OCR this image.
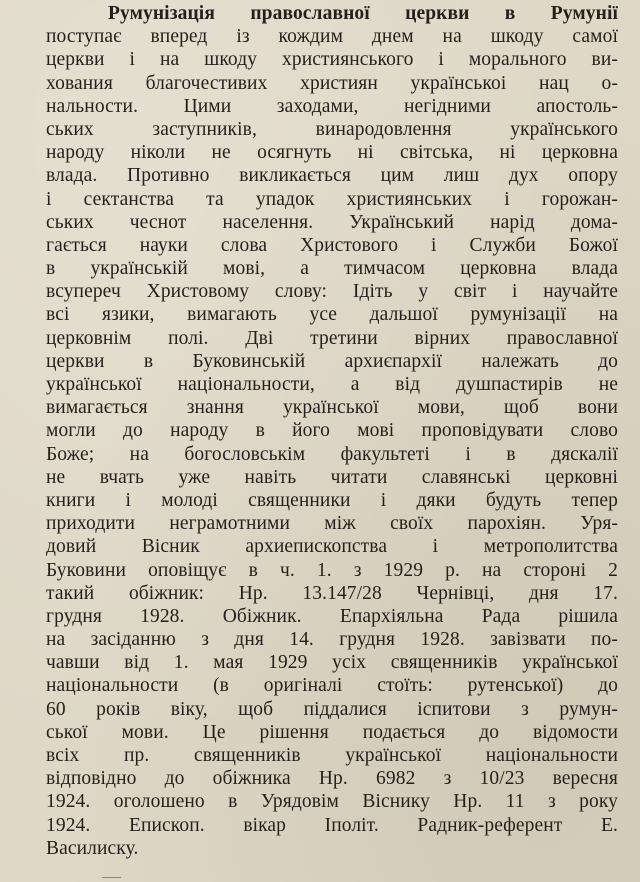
Румунізація православної церкви в Румунії
поступає вперед із кождим днем на шкоду самої
церкви і на шкоду християнського і морального ви-
хования благочестивих християн українськоі нац о-
нальности. Цими заходами, негідними апостоль-
ських заступників, винародовлення українського
народу ніколи не осягнуть ні світська, ні церковна
влада. Противно викликається цим лиш дух опору
і сектанства та упадок християнських і горожан-
ських чеснот населення. Український нарід дома-
гається науки слова Христового і Служби Божої
в українській мові, а тимчасом церковна влада
всупереч Христовому слову: Ідіть у світ і научайте
всі язики, вимагають усе дальшої румунізації на
церковнім полі. Дві третини вірних православної
церкви в Буковинській архиєпархії належать до
української національности, а від душпастирів не
вимагається знання української мови, щоб вони
могли до народу в його мові проповідувати слово
Боже; на богословськім факультеті і в дяскалії
не вчать уже навіть читати славянські церковні
книги і молоді священники і дяки будуть тепер
приходити неграмотними між своїх парохіян. Уря-
довий Вісник архиепископства і метрополитства
Буковини оповіщує в ч. 1. з 1929 р. на стороні 2
такий обіжник: Нр. 13.147/28 Чернівці, дня 17.
грудня 1928. Обіжник. Епархіяльна Рада рішила
на засіданню з дня 14. грудня 1928. завізвати по-
чавши від 1. мая 1929 усіх священників української
національности (в оригіналі стоїть: рутенської) до
60 років віку, щоб піддалися іспитови з румун-
ської мови. Це рішення подається до відомости
всіх пр. священників української національности
відповідно до обіжника Нр. 6982 з 10/23 вересня
1924. оголошено в Урядовім Віснику Нр. 11 з року
1924. Епископ. вікар Іполіт. Радник-референт Е.
Василиску.
—
